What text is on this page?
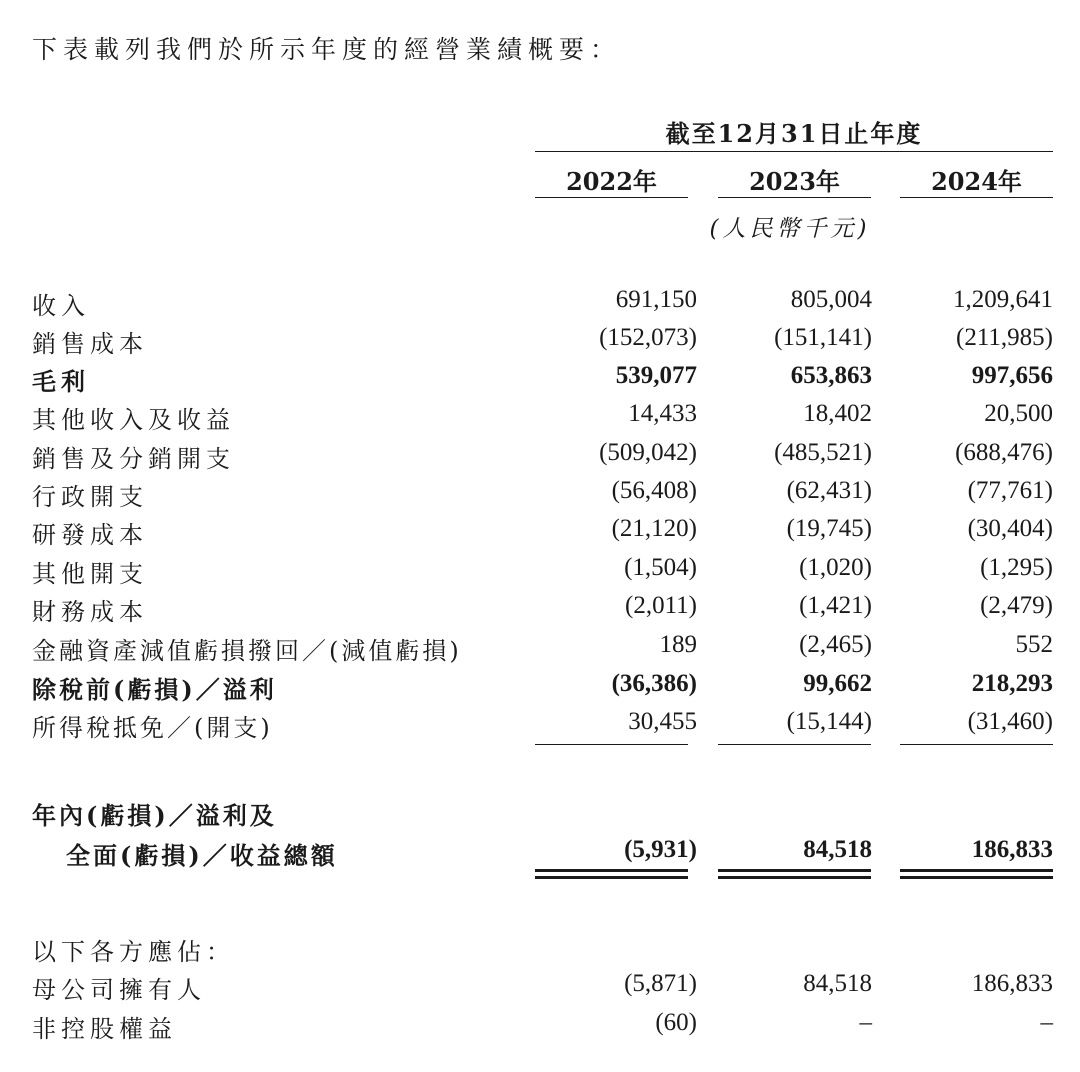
下表載列我們於所示年度的經營業績概要：
截至12月31日止年度
2022年	2023年	2024年
(人民幣千元)
收入	691,150	805,004	1,209,641
銷售成本	(152,073)	(151,141)	(211,985)
毛利	539,077	653,863	997,656
其他收入及收益	14,433	18,402	20,500
銷售及分銷開支	(509,042)	(485,521)	(688,476)
行政開支	(56,408)	(62,431)	(77,761)
研發成本	(21,120)	(19,745)	(30,404)
其他開支	(1,504)	(1,020)	(1,295)
財務成本	(2,011)	(1,421)	(2,479)
金融資產減值虧損撥回／(減值虧損)	189	(2,465)	552
除稅前(虧損)／溢利	(36,386)	99,662	218,293
所得稅抵免／(開支)	30,455	(15,144)	(31,460)
年內(虧損)／溢利及
全面(虧損)／收益總額	(5,931)	84,518	186,833
以下各方應佔：
母公司擁有人	(5,871)	84,518	186,833
非控股權益	(60)	–	–
